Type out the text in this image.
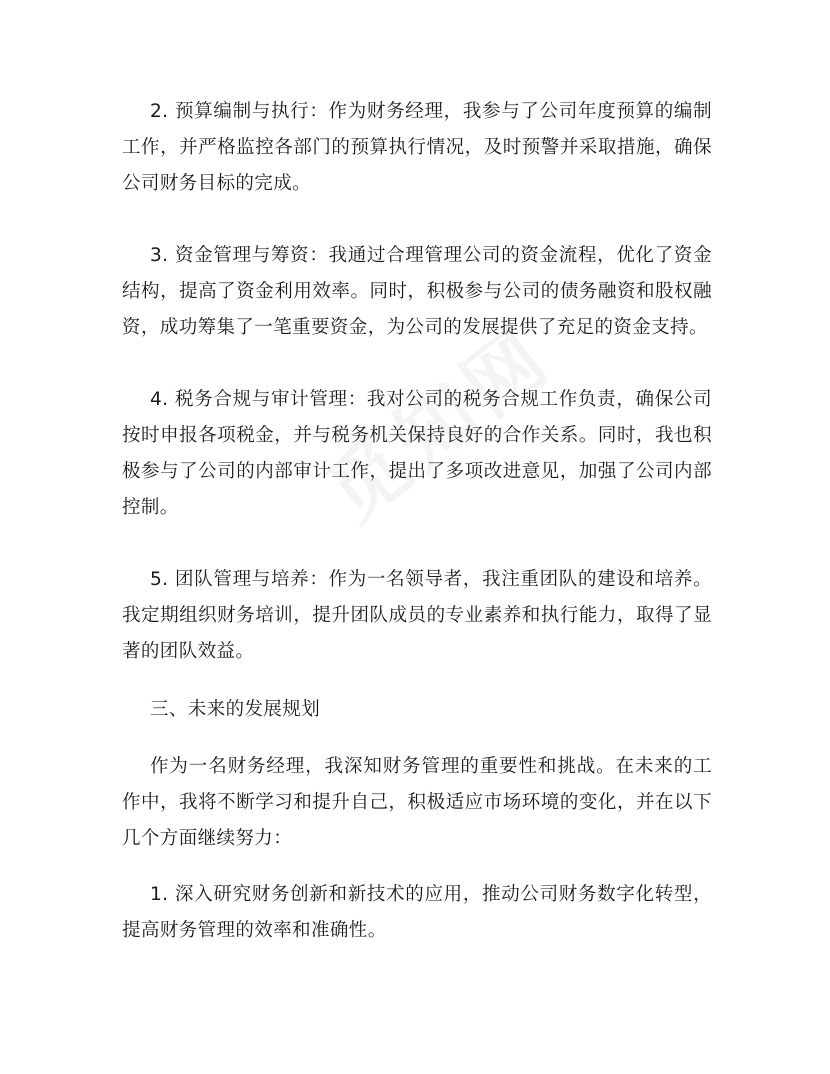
2. 预算编制与执行：作为财务经理，我参与了公司年度预算的编制工作，并严格监控各部门的预算执行情况，及时预警并采取措施，确保公司财务目标的完成。

3. 资金管理与筹资：我通过合理管理公司的资金流程，优化了资金结构，提高了资金利用效率。同时，积极参与公司的债务融资和股权融资，成功筹集了一笔重要资金，为公司的发展提供了充足的资金支持。

4. 税务合规与审计管理：我对公司的税务合规工作负责，确保公司按时申报各项税金，并与税务机关保持良好的合作关系。同时，我也积极参与了公司的内部审计工作，提出了多项改进意见，加强了公司内部控制。

5. 团队管理与培养：作为一名领导者，我注重团队的建设和培养。我定期组织财务培训，提升团队成员的专业素养和执行能力，取得了显著的团队效益。

三、未来的发展规划

作为一名财务经理，我深知财务管理的重要性和挑战。在未来的工作中，我将不断学习和提升自己，积极适应市场环境的变化，并在以下几个方面继续努力：

1. 深入研究财务创新和新技术的应用，推动公司财务数字化转型，提高财务管理的效率和准确性。
